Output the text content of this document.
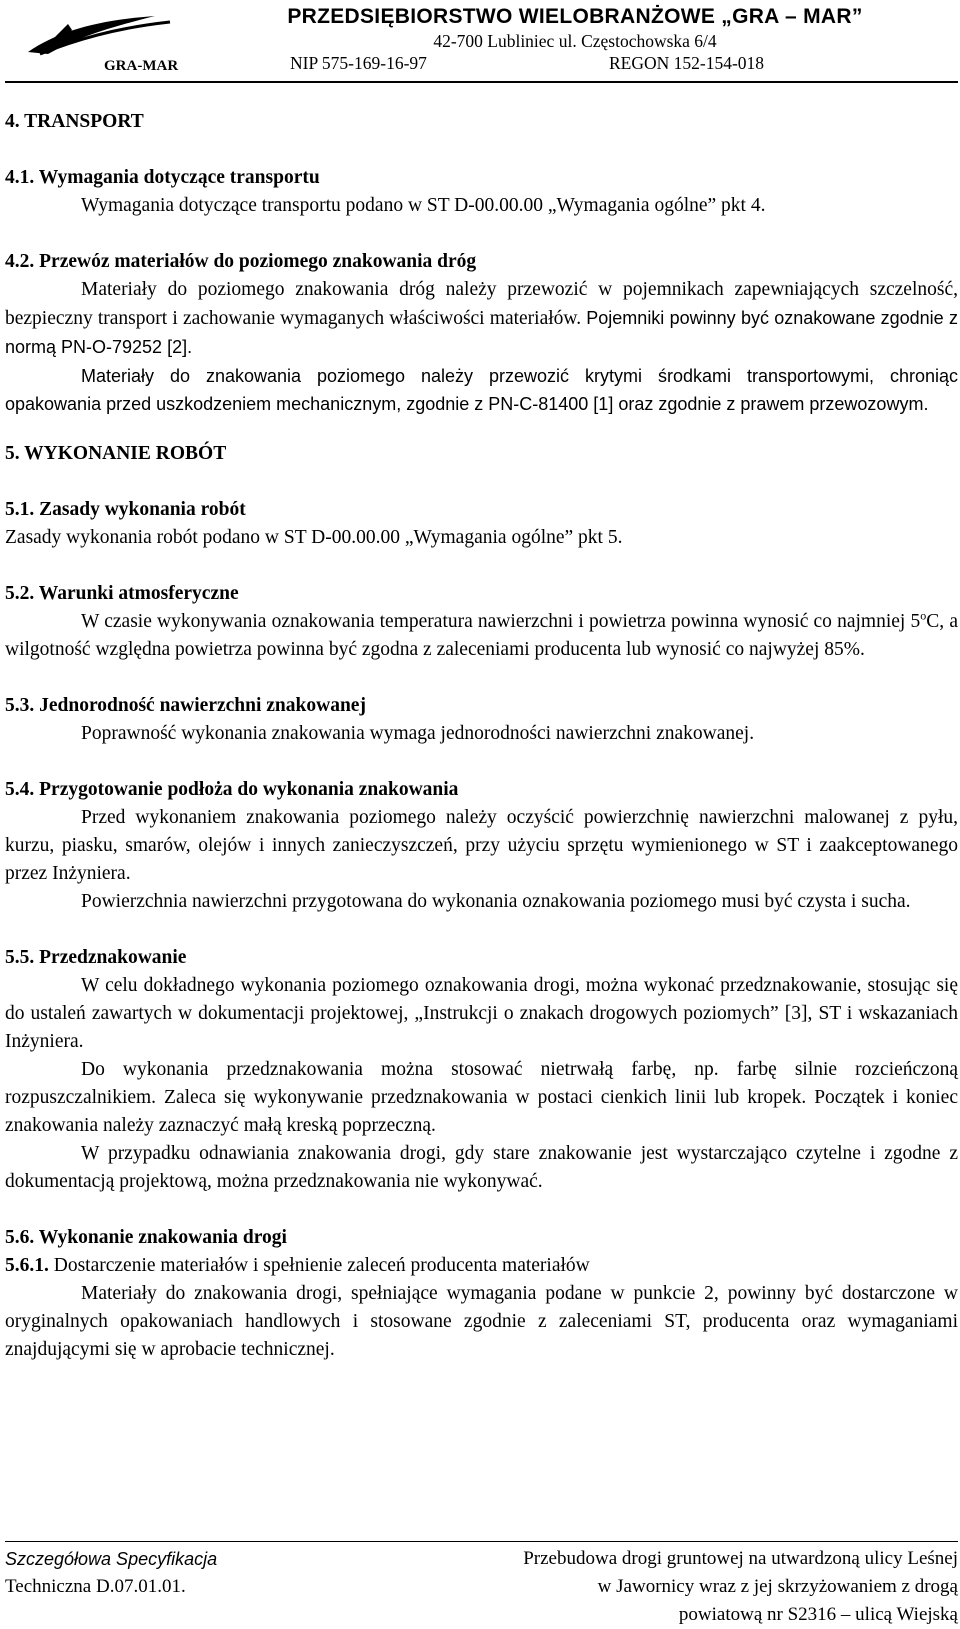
GRA-MAR
PRZEDSIĘBIORSTWO WIELOBRANŻOWE „GRA – MAR”
42-700 Lubliniec ul. Częstochowska 6/4
NIP 575-169-16-97	REGON 152-154-018
4. TRANSPORT
4.1. Wymagania dotyczące transportu

Wymagania dotyczące transportu podano w ST D-00.00.00 „Wymagania ogólne” pkt 4.

4.2. Przewóz materiałów do poziomego znakowania dróg

Materiały do poziomego znakowania dróg należy przewozić w pojemnikach zapewniających szczelność, bezpieczny transport i zachowanie wymaganych właściwości materiałów. Pojemniki powinny być oznakowane zgodnie z normą PN-O-79252 [2].

Materiały do znakowania poziomego należy przewozić krytymi środkami transportowymi, chroniąc opakowania przed uszkodzeniem mechanicznym, zgodnie z PN-C-81400 [1] oraz zgodnie z prawem przewozowym.

5. WYKONANIE ROBÓT
5.1. Zasady wykonania robót

Zasady wykonania robót podano w ST D-00.00.00 „Wymagania ogólne” pkt 5.

5.2. Warunki atmosferyczne

W czasie wykonywania oznakowania temperatura nawierzchni i powietrza powinna wynosić co najmniej 5$^o$C, a wilgotność względna powietrza powinna być zgodna z zaleceniami producenta lub wynosić co najwyżej 85%.

5.3. Jednorodność nawierzchni znakowanej

Poprawność wykonania znakowania wymaga jednorodności nawierzchni znakowanej.

5.4. Przygotowanie podłoża do wykonania znakowania

Przed wykonaniem znakowania poziomego należy oczyścić powierzchnię nawierzchni malowanej z pyłu, kurzu, piasku, smarów, olejów i innych zanieczyszczeń, przy użyciu sprzętu wymienionego w ST i zaakceptowanego przez Inżyniera.

Powierzchnia nawierzchni przygotowana do wykonania oznakowania poziomego musi być czysta i sucha.

5.5. Przedznakowanie

W celu dokładnego wykonania poziomego oznakowania drogi, można wykonać przedznakowanie, stosując się do ustaleń zawartych w dokumentacji projektowej, „Instrukcji o znakach drogowych poziomych” [3], ST i wskazaniach Inżyniera.

Do wykonania przedznakowania można stosować nietrwałą farbę, np. farbę silnie rozcieńczoną rozpuszczalnikiem. Zaleca się wykonywanie przedznakowania w postaci cienkich linii lub kropek. Początek i koniec znakowania należy zaznaczyć małą kreską poprzeczną.

W przypadku odnawiania znakowania drogi, gdy stare znakowanie jest wystarczająco czytelne i zgodne z dokumentacją projektową, można przedznakowania nie wykonywać.

5.6. Wykonanie znakowania drogi
5.6.1. Dostarczenie materiałów i spełnienie zaleceń producenta materiałów

Materiały do znakowania drogi, spełniające wymagania podane w punkcie 2, powinny być dostarczone w oryginalnych opakowaniach handlowych i stosowane zgodnie z zaleceniami ST, producenta oraz wymaganiami znajdującymi się w aprobacie technicznej.

Szczegółowa Specyfikacja
Techniczna D.07.01.01.
Przebudowa drogi gruntowej na utwardzoną ulicy Leśnej
w Jawornicy wraz z jej skrzyżowaniem z drogą
powiatową nr S2316 – ulicą Wiejską
